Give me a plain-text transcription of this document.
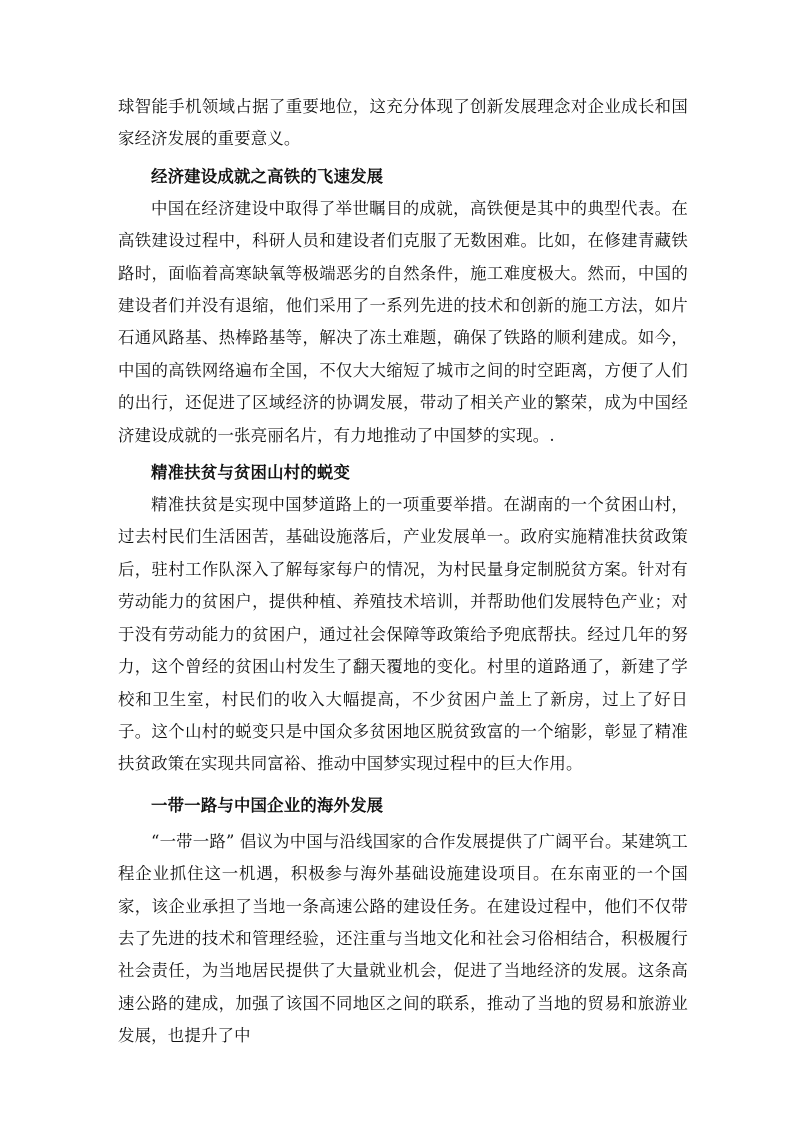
球智能手机领域占据了重要地位，这充分体现了创新发展理念对企业成长和国家经济发展的重要意义。

经济建设成就之高铁的飞速发展

中国在经济建设中取得了举世瞩目的成就，高铁便是其中的典型代表。在高铁建设过程中，科研人员和建设者们克服了无数困难。比如，在修建青藏铁路时，面临着高寒缺氧等极端恶劣的自然条件，施工难度极大。然而，中国的建设者们并没有退缩，他们采用了一系列先进的技术和创新的施工方法，如片石通风路基、热棒路基等，解决了冻土难题，确保了铁路的顺利建成。如今，中国的高铁网络遍布全国，不仅大大缩短了城市之间的时空距离，方便了人们的出行，还促进了区域经济的协调发展，带动了相关产业的繁荣，成为中国经济建设成就的一张亮丽名片，有力地推动了中国梦的实现。.

精准扶贫与贫困山村的蜕变

精准扶贫是实现中国梦道路上的一项重要举措。在湖南的一个贫困山村，过去村民们生活困苦，基础设施落后，产业发展单一。政府实施精准扶贫政策后，驻村工作队深入了解每家每户的情况，为村民量身定制脱贫方案。针对有劳动能力的贫困户，提供种植、养殖技术培训，并帮助他们发展特色产业；对于没有劳动能力的贫困户，通过社会保障等政策给予兜底帮扶。经过几年的努力，这个曾经的贫困山村发生了翻天覆地的变化。村里的道路通了，新建了学校和卫生室，村民们的收入大幅提高，不少贫困户盖上了新房，过上了好日子。这个山村的蜕变只是中国众多贫困地区脱贫致富的一个缩影，彰显了精准扶贫政策在实现共同富裕、推动中国梦实现过程中的巨大作用。

一带一路与中国企业的海外发展

“一带一路” 倡议为中国与沿线国家的合作发展提供了广阔平台。某建筑工程企业抓住这一机遇，积极参与海外基础设施建设项目。在东南亚的一个国家，该企业承担了当地一条高速公路的建设任务。在建设过程中，他们不仅带去了先进的技术和管理经验，还注重与当地文化和社会习俗相结合，积极履行社会责任，为当地居民提供了大量就业机会，促进了当地经济的发展。这条高速公路的建成，加强了该国不同地区之间的联系，推动了当地的贸易和旅游业发展，也提升了中
